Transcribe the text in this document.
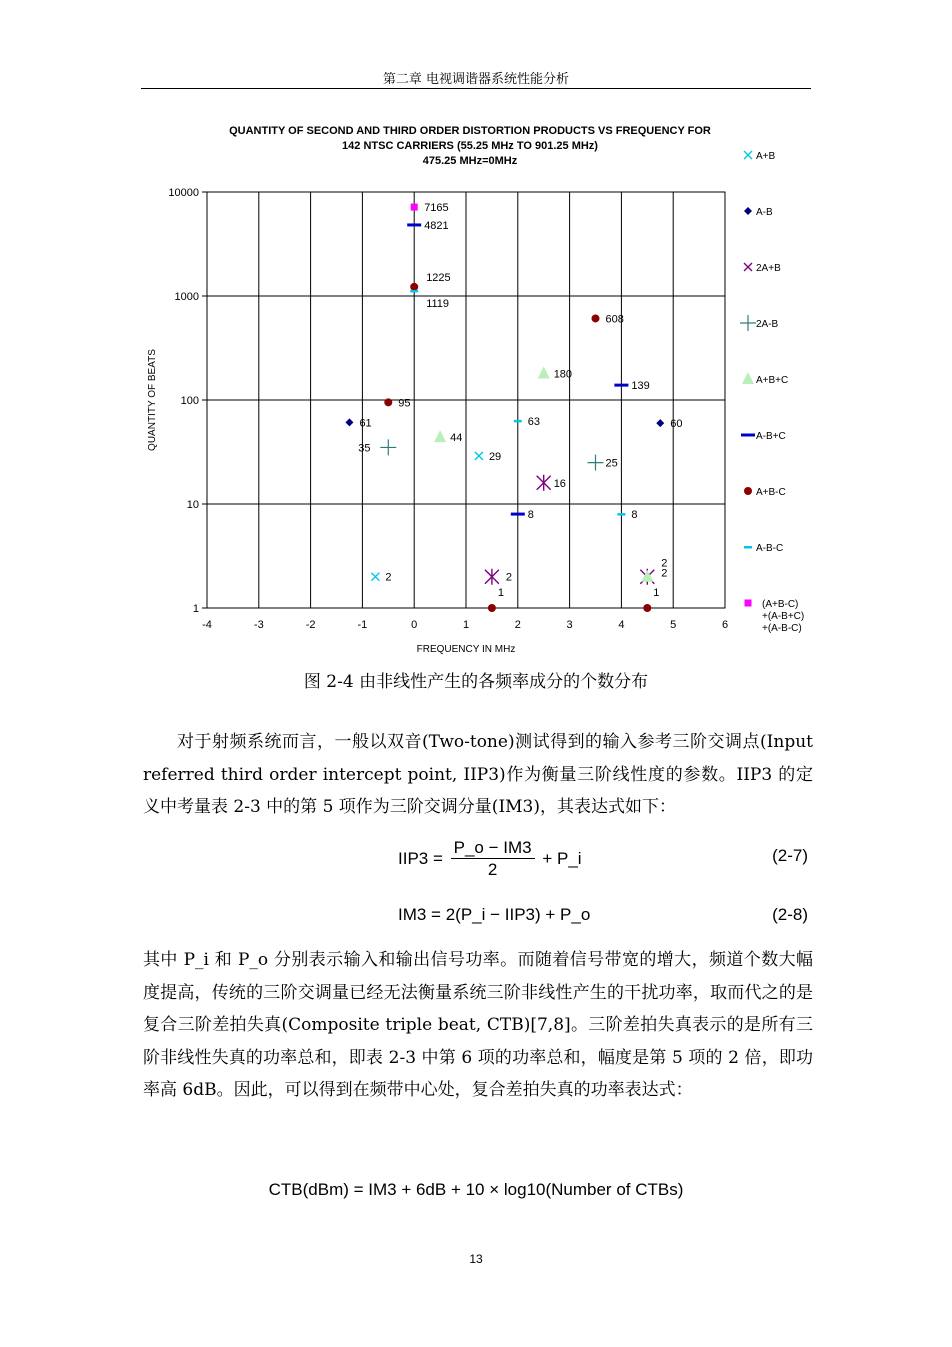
第二章 电视调谐器系统性能分析
QUANTITY OF SECOND AND THIRD ORDER DISTORTION PRODUCTS VS FREQUENCY FOR
142 NTSC CARRIERS (55.25 MHz TO 901.25 MHz)
475.25 MHz=0MHz
-4	-3	-2	-1	0	1	2	3	4	5	6
1
10
100
1000
10000
FREQUENCY IN MHz
QUANTITY OF BEATS
2
29
61	60
2
16
2
35
25
44
180
2
4821
8
139
95
1225
1
608
1
1119
63
8
7165
A+B
A-B
2A+B
2A-B
A+B+C
A-B+C
A+B-C
A-B-C
(A+B-C)
+(A-B+C)
+(A-B-C)
图 2-4 由非线性产生的各频率成分的个数分布
对于射频系统而言，一般以双音(Two-tone)测试得到的输入参考三阶交调点(Input referred third order intercept point, IIP3)作为衡量三阶线性度的参数。IIP3 的定义中考量表 2-3 中的第 5 项作为三阶交调分量(IM3)，其表达式如下：
$IIP3 = \frac{P\_o - IM3}{2}$ + P_i	(2-7)
IM3 = 2(P_i − IIP3) + P_o	(2-8)
其中 P_i 和 P_o 分别表示输入和输出信号功率。而随着信号带宽的增大，频道个数大幅度提高，传统的三阶交调量已经无法衡量系统三阶非线性产生的干扰功率，取而代之的是复合三阶差拍失真(Composite triple beat, CTB)[7,8]。三阶差拍失真表示的是所有三阶非线性失真的功率总和，即表 2-3 中第 6 项的功率总和，幅度是第 5 项的 2 倍，即功率高 6dB。因此，可以得到在频带中心处，复合差拍失真的功率表达式：
CTB(dBm) = IM3 + 6dB + 10 × log10(Number of CTBs)
13
